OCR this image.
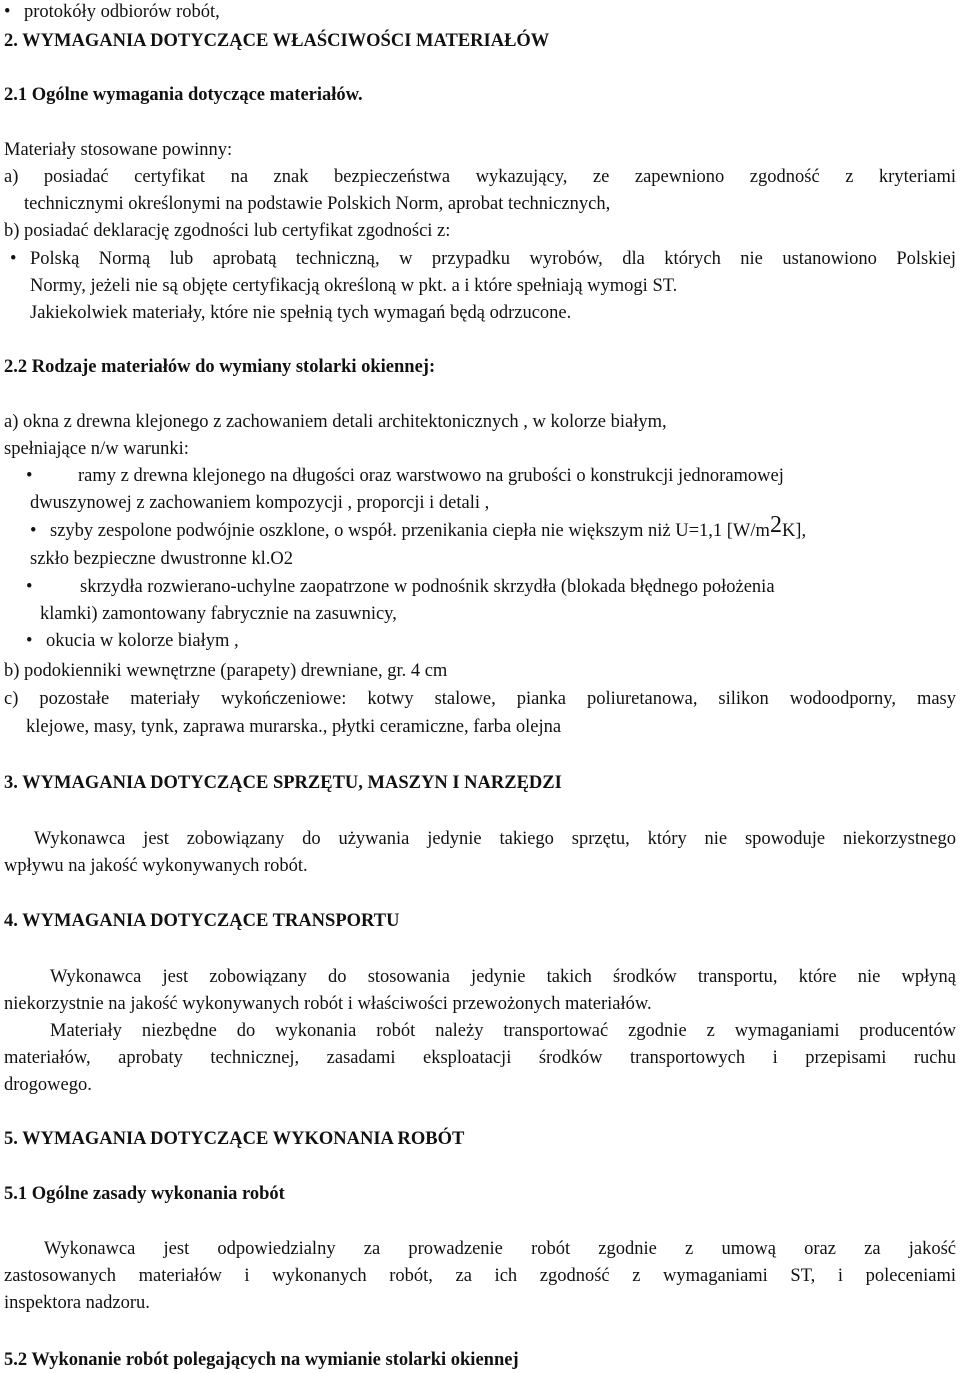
• protokóły odbiorów robót,
2. WYMAGANIA DOTYCZĄCE WŁAŚCIWOŚCI MATERIAŁÓW
2.1 Ogólne wymagania dotyczące materiałów.
Materiały stosowane powinny:
a) posiadać certyfikat na znak bezpieczeństwa wykazujący, ze zapewniono zgodność z kryteriami
technicznymi określonymi na podstawie Polskich Norm, aprobat technicznych,
b) posiadać deklarację zgodności lub certyfikat zgodności z:
• Polską Normą lub aprobatą techniczną, w przypadku wyrobów, dla których nie ustanowiono Polskiej
Normy, jeżeli nie są objęte certyfikacją określoną w pkt. a i które spełniają wymogi ST.
Jakiekolwiek materiały, które nie spełnią tych wymagań będą odrzucone.
2.2 Rodzaje materiałów do wymiany stolarki okiennej:
a) okna z drewna klejonego z zachowaniem detali architektonicznych , w kolorze białym,
spełniające n/w warunki:
• ramy z drewna klejonego na długości oraz warstwowo na grubości o konstrukcji jednoramowej
dwuszynowej z zachowaniem kompozycji , proporcji i detali ,
• szyby zespolone podwójnie oszklone, o współ. przenikania ciepła nie większym niż U=1,1 $[W/m^2K]$,
szkło bezpieczne dwustronne kl.O2
•	skrzydła rozwierano-uchylne zaopatrzone w podnośnik skrzydła (blokada błędnego położenia
klamki) zamontowany fabrycznie na zasuwnicy,
• okucia w kolorze białym ,
b) podokienniki wewnętrzne (parapety) drewniane, gr. 4 cm
c) pozostałe materiały wykończeniowe: kotwy stalowe, pianka poliuretanowa, silikon wodoodporny, masy
klejowe, masy, tynk, zaprawa murarska., płytki ceramiczne, farba olejna
3. WYMAGANIA DOTYCZĄCE SPRZĘTU, MASZYN I NARZĘDZI
Wykonawca jest zobowiązany do używania jedynie takiego sprzętu, który nie spowoduje niekorzystnego
wpływu na jakość wykonywanych robót.
4. WYMAGANIA DOTYCZĄCE TRANSPORTU
Wykonawca jest zobowiązany do stosowania jedynie takich środków transportu, które nie wpłyną
niekorzystnie na jakość wykonywanych robót i właściwości przewożonych materiałów.
Materiały niezbędne do wykonania robót należy transportować zgodnie z wymaganiami producentów
materiałów, aprobaty technicznej, zasadami eksploatacji środków transportowych i przepisami ruchu
drogowego.
5. WYMAGANIA DOTYCZĄCE WYKONANIA ROBÓT
5.1 Ogólne zasady wykonania robót
Wykonawca jest odpowiedzialny za prowadzenie robót zgodnie z umową oraz za jakość
zastosowanych materiałów i wykonanych robót, za ich zgodność z wymaganiami ST, i poleceniami
inspektora nadzoru.
5.2 Wykonanie robót polegających na wymianie stolarki okiennej
